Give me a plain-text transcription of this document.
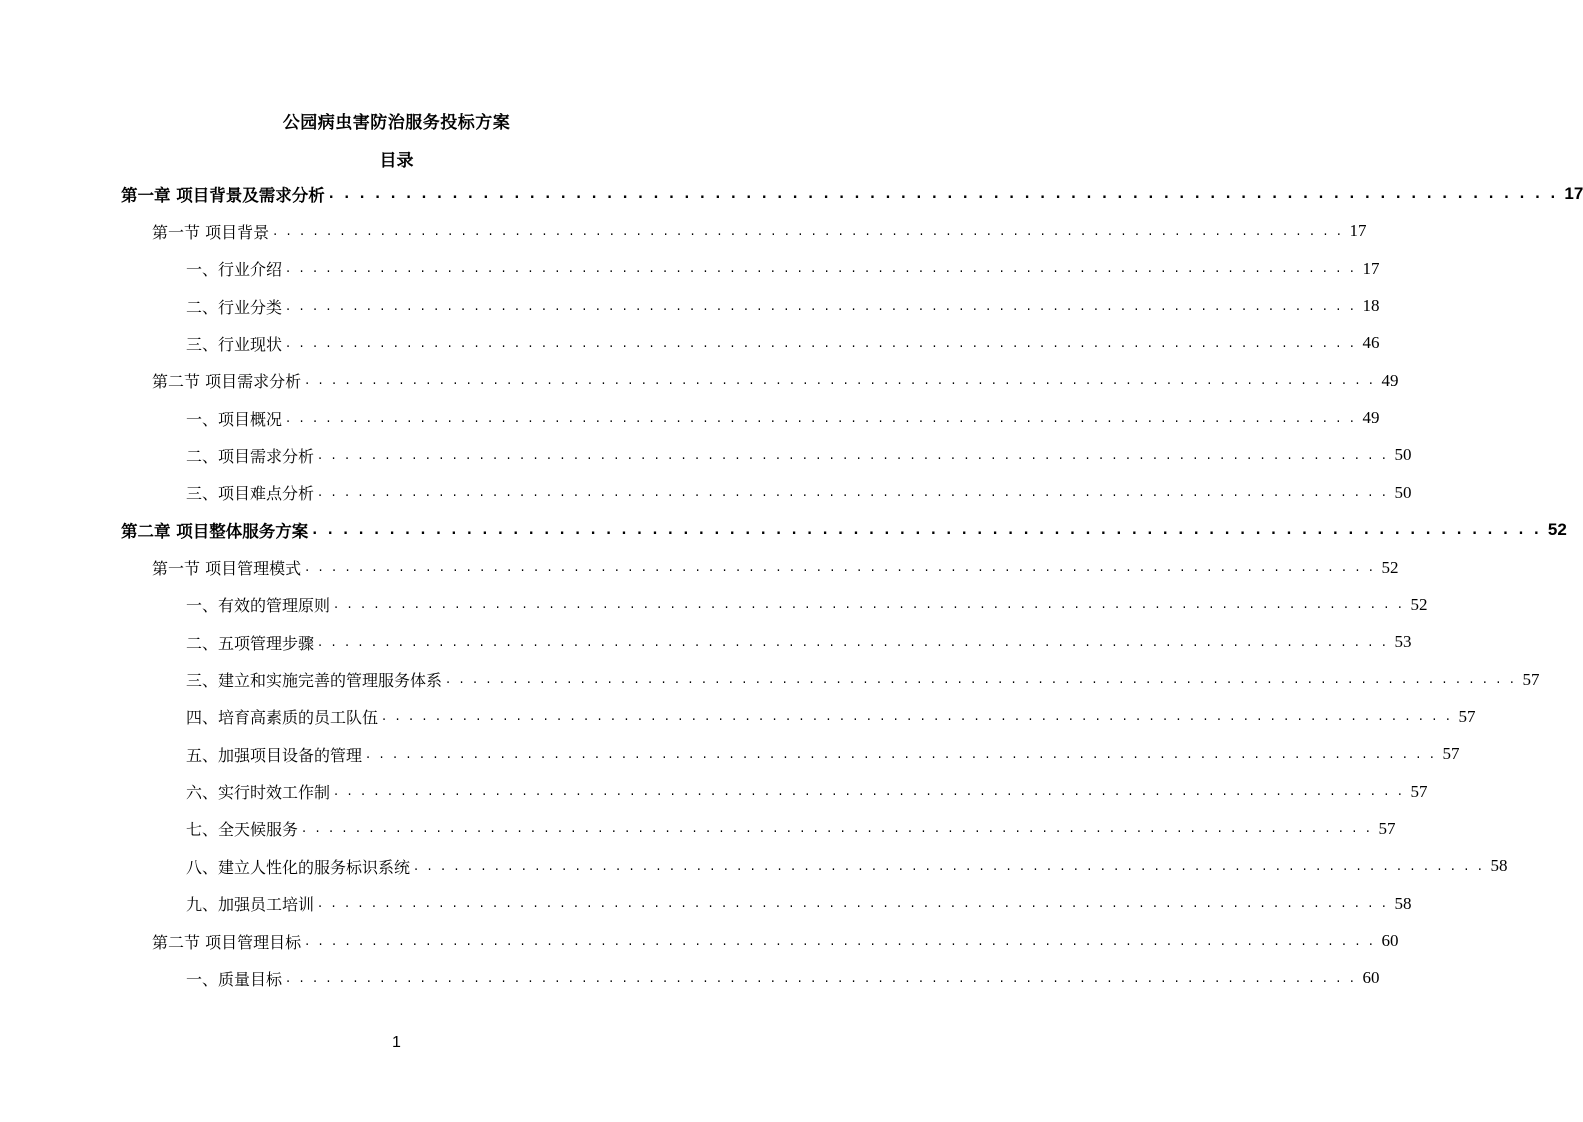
公园病虫害防治服务投标方案
目录
第一章 项目背景及需求分析 . . . . . . . . . . . . . . . . . . . . . . . . . . . . . . . . . . . . . . . . . . . . . . . . . . . . . . . . . . . . . . . . . . . . . . . . . . . . . . . . 17
第一节 项目背景 . . . . . . . . . . . . . . . . . . . . . . . . . . . . . . . . . . . . . . . . . . . . . . . . . . . . . . . . . . . . . . . . . . . . . . . . . . . . . . . . 17
一、行业介绍 . . . . . . . . . . . . . . . . . . . . . . . . . . . . . . . . . . . . . . . . . . . . . . . . . . . . . . . . . . . . . . . . . . . . . . . . . . . . . . . . 17
二、行业分类 . . . . . . . . . . . . . . . . . . . . . . . . . . . . . . . . . . . . . . . . . . . . . . . . . . . . . . . . . . . . . . . . . . . . . . . . . . . . . . . . 18
三、行业现状 . . . . . . . . . . . . . . . . . . . . . . . . . . . . . . . . . . . . . . . . . . . . . . . . . . . . . . . . . . . . . . . . . . . . . . . . . . . . . . . . 46
第二节 项目需求分析 . . . . . . . . . . . . . . . . . . . . . . . . . . . . . . . . . . . . . . . . . . . . . . . . . . . . . . . . . . . . . . . . . . . . . . . . . . . . . . . . 49
一、项目概况 . . . . . . . . . . . . . . . . . . . . . . . . . . . . . . . . . . . . . . . . . . . . . . . . . . . . . . . . . . . . . . . . . . . . . . . . . . . . . . . . 49
二、项目需求分析 . . . . . . . . . . . . . . . . . . . . . . . . . . . . . . . . . . . . . . . . . . . . . . . . . . . . . . . . . . . . . . . . . . . . . . . . . . . . . . . . 50
三、项目难点分析 . . . . . . . . . . . . . . . . . . . . . . . . . . . . . . . . . . . . . . . . . . . . . . . . . . . . . . . . . . . . . . . . . . . . . . . . . . . . . . . . 50
第二章 项目整体服务方案 . . . . . . . . . . . . . . . . . . . . . . . . . . . . . . . . . . . . . . . . . . . . . . . . . . . . . . . . . . . . . . . . . . . . . . . . . . . . . . . . 52
第一节 项目管理模式 . . . . . . . . . . . . . . . . . . . . . . . . . . . . . . . . . . . . . . . . . . . . . . . . . . . . . . . . . . . . . . . . . . . . . . . . . . . . . . . . 52
一、有效的管理原则 . . . . . . . . . . . . . . . . . . . . . . . . . . . . . . . . . . . . . . . . . . . . . . . . . . . . . . . . . . . . . . . . . . . . . . . . . . . . . . . . 52
二、五项管理步骤 . . . . . . . . . . . . . . . . . . . . . . . . . . . . . . . . . . . . . . . . . . . . . . . . . . . . . . . . . . . . . . . . . . . . . . . . . . . . . . . . 53
三、建立和实施完善的管理服务体系 . . . . . . . . . . . . . . . . . . . . . . . . . . . . . . . . . . . . . . . . . . . . . . . . . . . . . . . . . . . . . . . . . . . . . . . . . . . . . . . . 57
四、培育高素质的员工队伍 . . . . . . . . . . . . . . . . . . . . . . . . . . . . . . . . . . . . . . . . . . . . . . . . . . . . . . . . . . . . . . . . . . . . . . . . . . . . . . . . 57
五、加强项目设备的管理 . . . . . . . . . . . . . . . . . . . . . . . . . . . . . . . . . . . . . . . . . . . . . . . . . . . . . . . . . . . . . . . . . . . . . . . . . . . . . . . . 57
六、实行时效工作制 . . . . . . . . . . . . . . . . . . . . . . . . . . . . . . . . . . . . . . . . . . . . . . . . . . . . . . . . . . . . . . . . . . . . . . . . . . . . . . . . 57
七、全天候服务 . . . . . . . . . . . . . . . . . . . . . . . . . . . . . . . . . . . . . . . . . . . . . . . . . . . . . . . . . . . . . . . . . . . . . . . . . . . . . . . . 57
八、建立人性化的服务标识系统 . . . . . . . . . . . . . . . . . . . . . . . . . . . . . . . . . . . . . . . . . . . . . . . . . . . . . . . . . . . . . . . . . . . . . . . . . . . . . . . . 58
九、加强员工培训 . . . . . . . . . . . . . . . . . . . . . . . . . . . . . . . . . . . . . . . . . . . . . . . . . . . . . . . . . . . . . . . . . . . . . . . . . . . . . . . . 58
第二节 项目管理目标 . . . . . . . . . . . . . . . . . . . . . . . . . . . . . . . . . . . . . . . . . . . . . . . . . . . . . . . . . . . . . . . . . . . . . . . . . . . . . . . . 60
一、质量目标 . . . . . . . . . . . . . . . . . . . . . . . . . . . . . . . . . . . . . . . . . . . . . . . . . . . . . . . . . . . . . . . . . . . . . . . . . . . . . . . . 60
1
